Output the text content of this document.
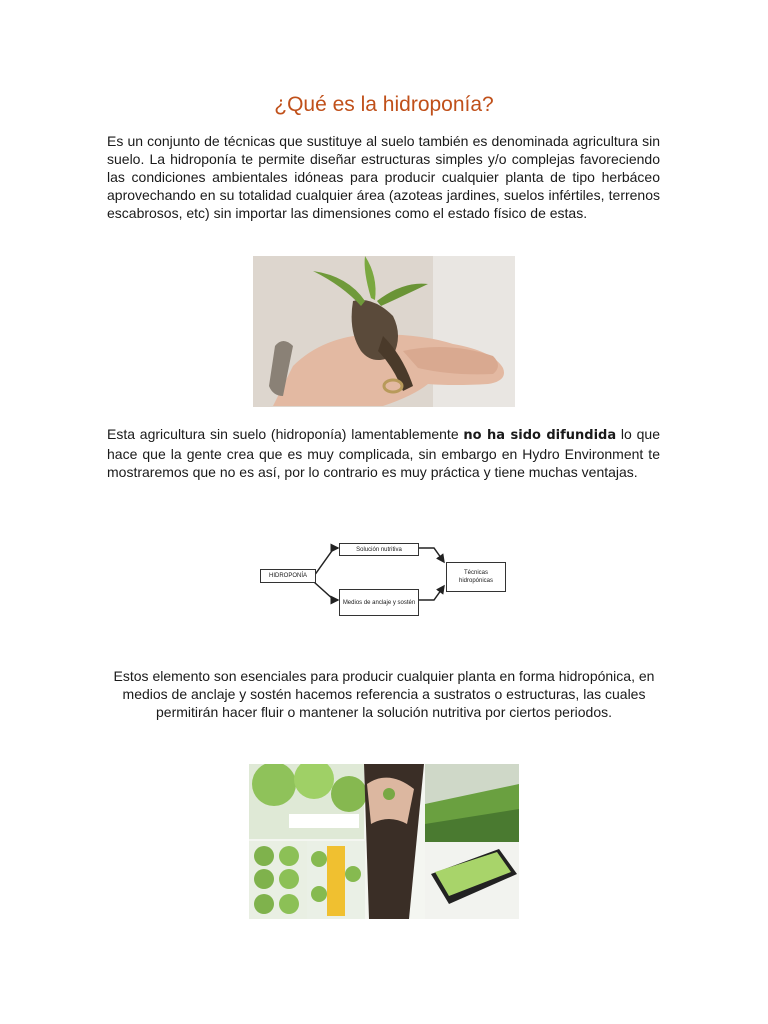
¿Qué es la hidroponía?

Es un conjunto de técnicas que sustituye al suelo también es denominada agricultura sin suelo. La hidroponía te permite diseñar estructuras simples y/o complejas favoreciendo las condiciones ambientales idóneas para producir cualquier planta de tipo herbáceo aprovechando en su totalidad cualquier área (azoteas jardines, suelos infértiles, terrenos escabrosos, etc) sin importar las dimensiones como el estado físico de estas.

Esta agricultura sin suelo (hidroponía) lamentablemente no ha sido difundida lo que hace que la gente crea que es muy complicada, sin embargo en Hydro Environment te mostraremos que no es así, por lo contrario es muy práctica y tiene muchas ventajas.

HIDROPONÍA
Solución nutritiva
Medios de anclaje y sostén
Técnicas hidropónicas

Estos elemento son esenciales para producir cualquier planta en forma hidropónica, en medios de anclaje y sostén hacemos referencia a sustratos o estructuras, las cuales permitirán hacer fluir o mantener la solución nutritiva por ciertos periodos.
